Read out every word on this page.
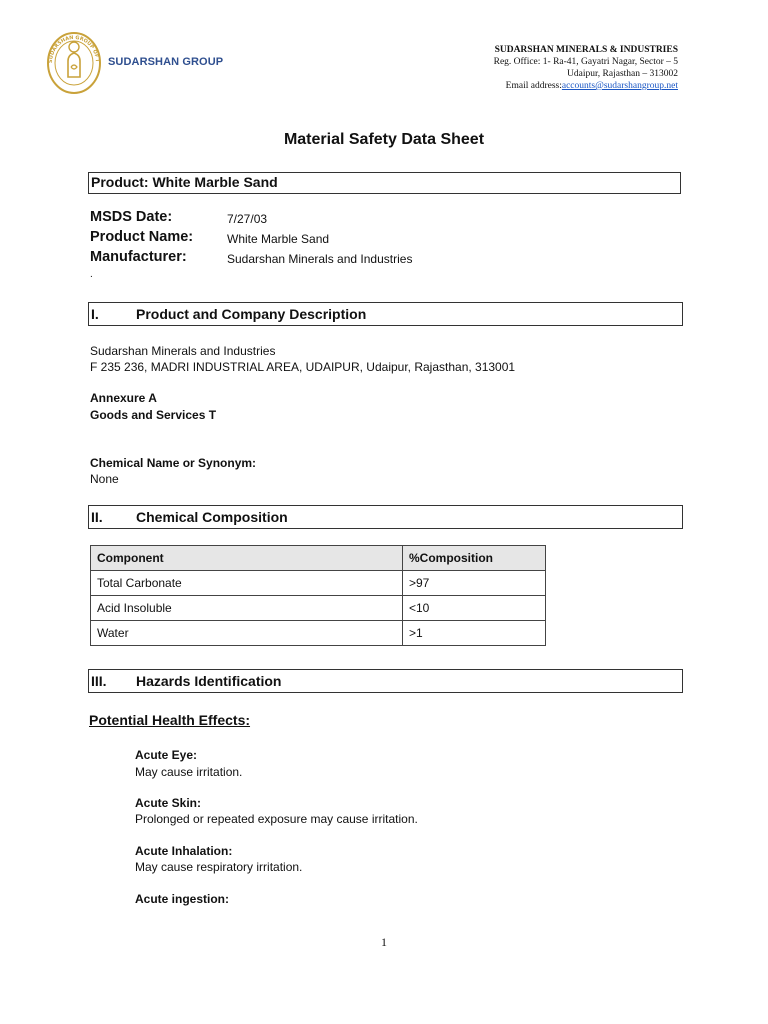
SUDARSHAN GROUP OF I SUDARSHAN GROUP
SUDARSHAN MINERALS & INDUSTRIES
Reg. Office: 1- Ra-41, Gayatri Nagar, Sector – 5
Udaipur, Rajasthan – 313002
Email address:accounts@sudarshangroup.net
Material Safety Data Sheet
Product: White Marble Sand
MSDS Date:	7/27/03
Product Name:	White Marble Sand
Manufacturer:	Sudarshan Minerals and Industries
.
I.	Product and Company Description
Sudarshan Minerals and Industries
F 235 236, MADRI INDUSTRIAL AREA, UDAIPUR, Udaipur, Rajasthan, 313001
Annexure A
Goods and Services T
Chemical Name or Synonym:
None
II. Chemical Composition
Component	%Composition
Total Carbonate	>97
Acid Insoluble	<10
Water	>1
III. Hazards Identification
Potential Health Effects:
Acute Eye:
May cause irritation.
Acute Skin:
Prolonged or repeated exposure may cause irritation.
Acute Inhalation:
May cause respiratory irritation.
Acute ingestion:
1
